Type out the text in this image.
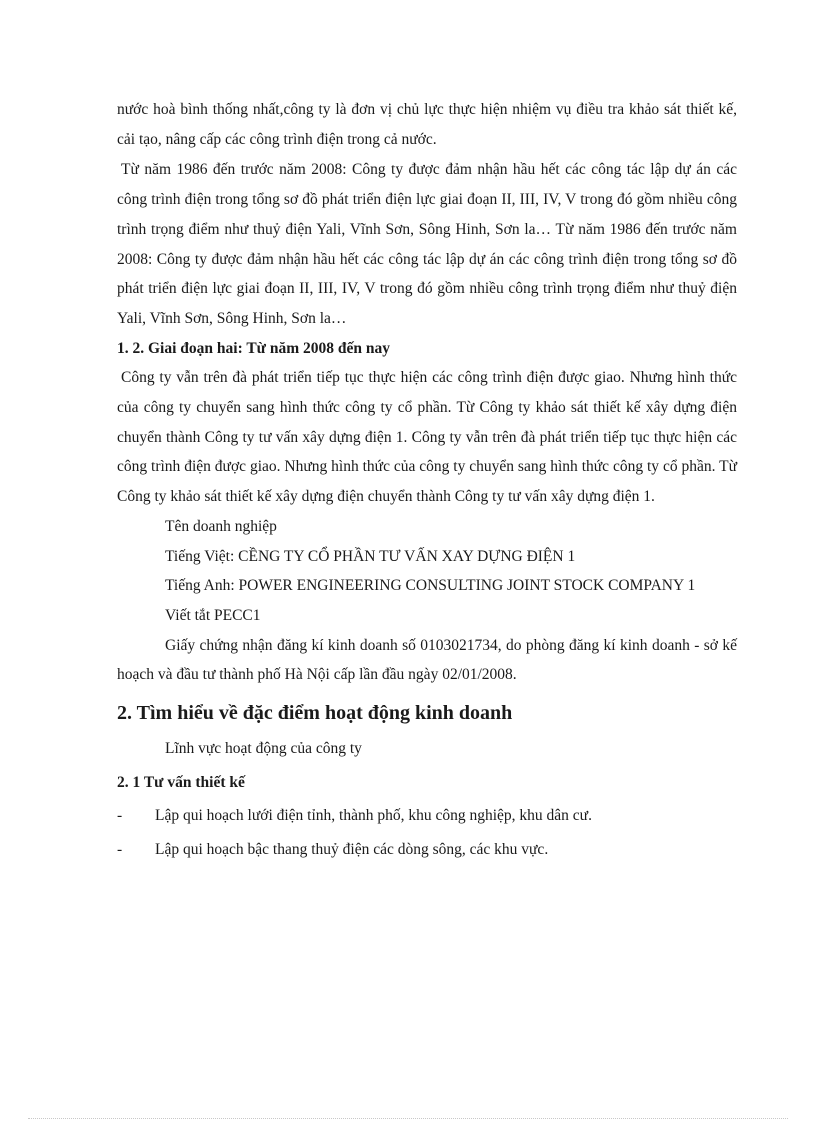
nước hoà bình thống nhất,công ty là đơn vị chủ lực thực hiện nhiệm vụ điều tra khảo sát thiết kế, cải tạo, nâng cấp các công trình điện trong cả nước.

Từ năm 1986 đến trước năm 2008: Công ty được đảm nhận hầu hết các công tác lập dự án các công trình điện trong tổng sơ đồ phát triển điện lực giai đoạn II, III, IV, V trong đó gồm nhiều công trình trọng điểm như thuỷ điện Yali, Vĩnh Sơn, Sông Hinh, Sơn la… Từ năm 1986 đến trước năm 2008: Công ty được đảm nhận hầu hết các công tác lập dự án các công trình điện trong tổng sơ đồ phát triển điện lực giai đoạn II, III, IV, V trong đó gồm nhiều công trình trọng điểm như thuỷ điện Yali, Vĩnh Sơn, Sông Hinh, Sơn la…

1. 2. Giai đoạn hai: Từ năm 2008 đến nay

Công ty vẫn trên đà phát triển tiếp tục thực hiện các công trình điện được giao. Nhưng hình thức của công ty chuyển sang hình thức công ty cổ phần. Từ Công ty khảo sát thiết kế xây dựng điện chuyển thành Công ty tư vấn xây dựng điện 1. Công ty vẫn trên đà phát triển tiếp tục thực hiện các công trình điện được giao. Nhưng hình thức của công ty chuyển sang hình thức công ty cổ phần. Từ Công ty khảo sát thiết kế xây dựng điện chuyển thành Công ty tư vấn xây dựng điện 1.

Tên doanh nghiệp

Tiếng Việt: CỀNG TY CỔ PHẦN TƯ VẤN XAY DỰNG ĐIỆN 1

Tiếng Anh: POWER ENGINEERING CONSULTING JOINT STOCK COMPANY 1

Viết tắt PECC1

Giấy chứng nhận đăng kí kinh doanh số 0103021734, do phòng đăng kí kinh doanh - sở kế hoạch và đầu tư thành phố Hà Nội cấp lần đầu ngày 02/01/2008.

2. Tìm hiểu về đặc điểm hoạt động kinh doanh

Lĩnh vực hoạt động của công ty

2. 1 Tư vấn thiết kế
-	Lập qui hoạch lưới điện tỉnh, thành phố, khu công nghiệp, khu dân cư.
-	Lập qui hoạch bậc thang thuỷ điện các dòng sông, các khu vực.
